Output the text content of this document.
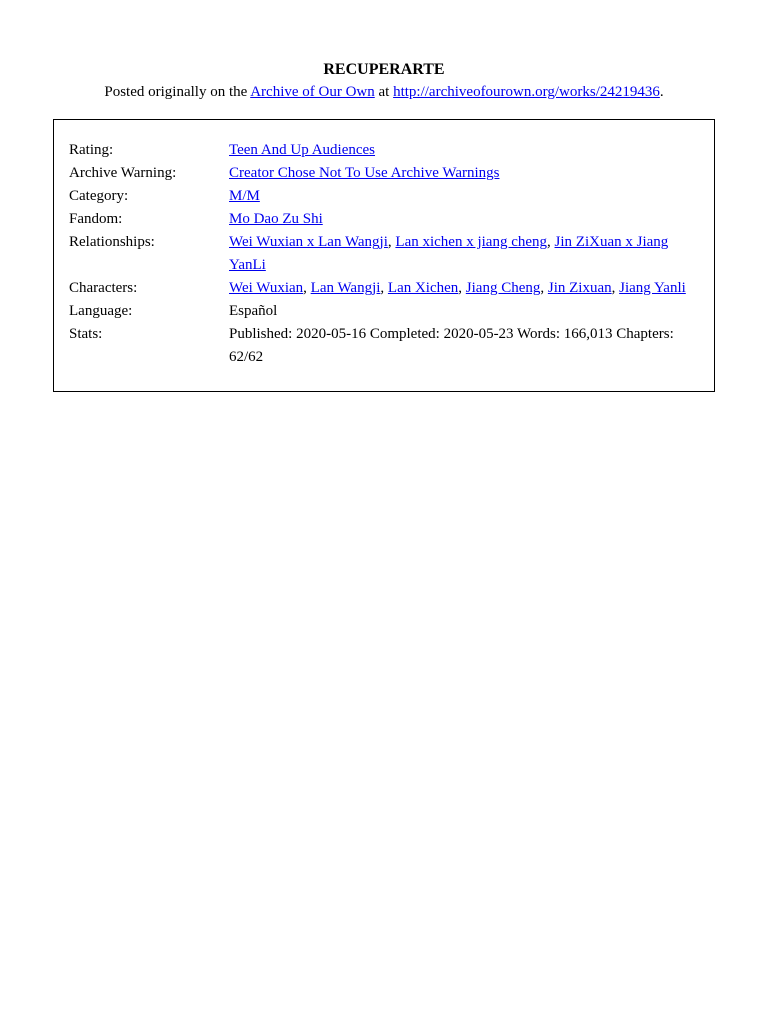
RECUPERARTE

Posted originally on the Archive of Our Own at http://archiveofourown.org/works/24219436.

Rating:	Teen And Up Audiences
Archive Warning:	Creator Chose Not To Use Archive Warnings
Category:	M/M
Fandom:	Mo Dao Zu Shi
Relationships:	Wei Wuxian x Lan Wangji, Lan xichen x jiang cheng, Jin ZiXuan x Jiang YanLi
Characters:	Wei Wuxian, Lan Wangji, Lan Xichen, Jiang Cheng, Jin Zixuan, Jiang Yanli
Language:	Español
Stats:	Published: 2020-05-16 Completed: 2020-05-23 Words: 166,013 Chapters: 62/62
